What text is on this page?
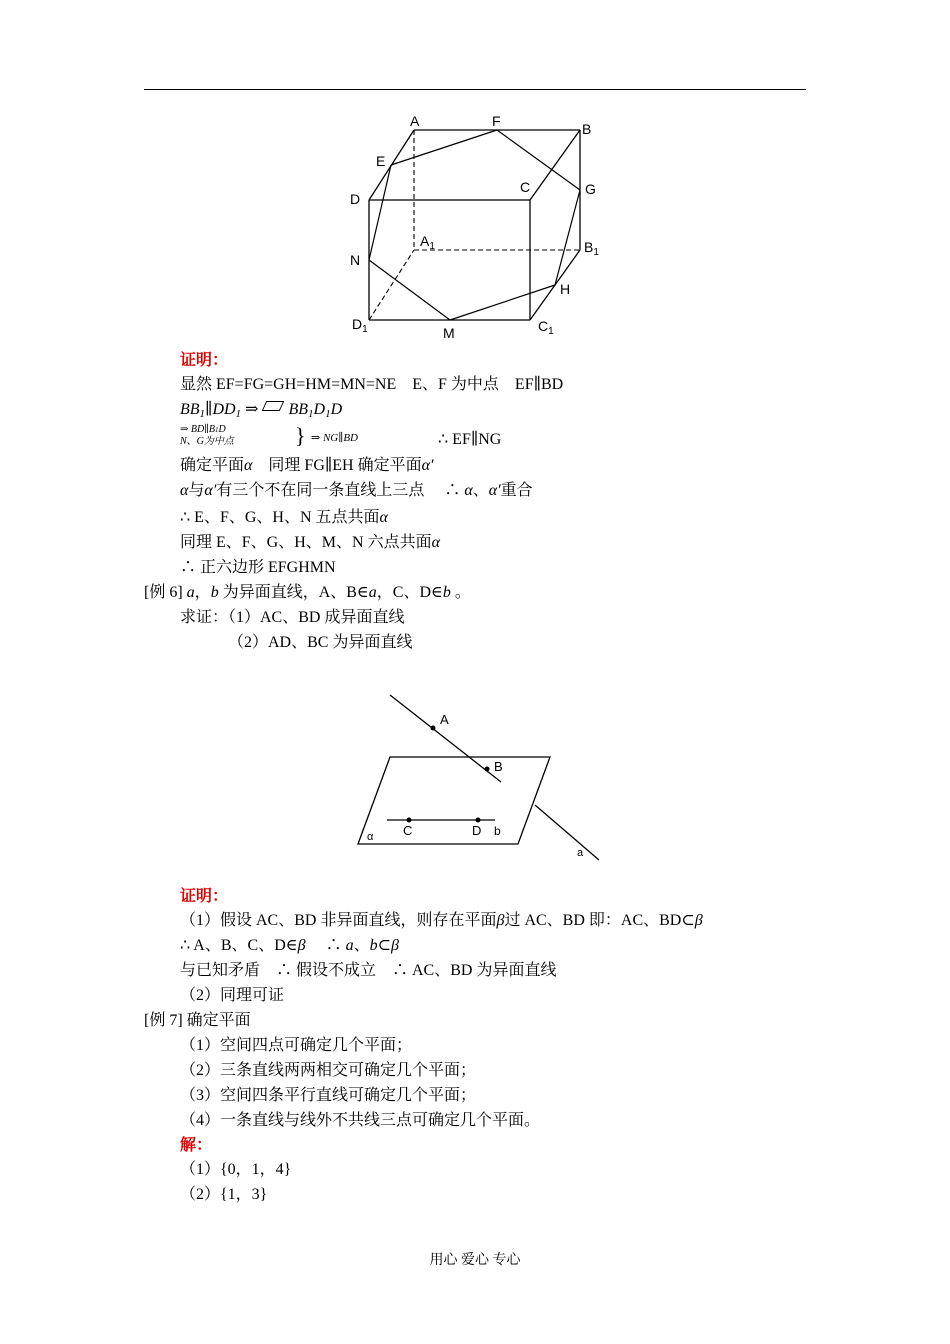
A	F	B
E
C	G
D
$A_1$	$B_1$
N
H
$D_1$	M	$C_1$
证明：
显然 EF=FG=GH=HM=MN=NE　E、F 为中点　EF∥BD
BB1∥DD1 ⇒ BB1D1D
⇒ BD∥B1D
N、G为中点	} ⇒ NG∥BD	∴ EF∥NG
确定平面α　同理 FG∥EH 确定平面α′
α与α′有三个不在同一条直线上三点　 ∴ α、α′重合
∴ E、F、G、H、N 五点共面α
同理 E、F、G、H、M、N 六点共面α
∴ 正六边形 EFGHMN
[例 6] a，b 为异面直线，A、B∈a，C、D∈b 。
求证：（1）AC、BD 成异面直线
（2）AD、BC 为异面直线
A
B
C	D b
α
a
证明：
（1）假设 AC、BD 非异面直线，则存在平面β过 AC、BD 即：AC、BD⊂β
∴ A、B、C、D∈β　 ∴ a、b⊂β
与已知矛盾　∴ 假设不成立　∴ AC、BD 为异面直线
（2）同理可证
[例 7] 确定平面
（1）空间四点可确定几个平面；
（2）三条直线两两相交可确定几个平面；
（3）空间四条平行直线可确定几个平面；
（4）一条直线与线外不共线三点可确定几个平面。
解：
（1）{0，1，4}
（2）{1，3}
用心 爱心 专心
